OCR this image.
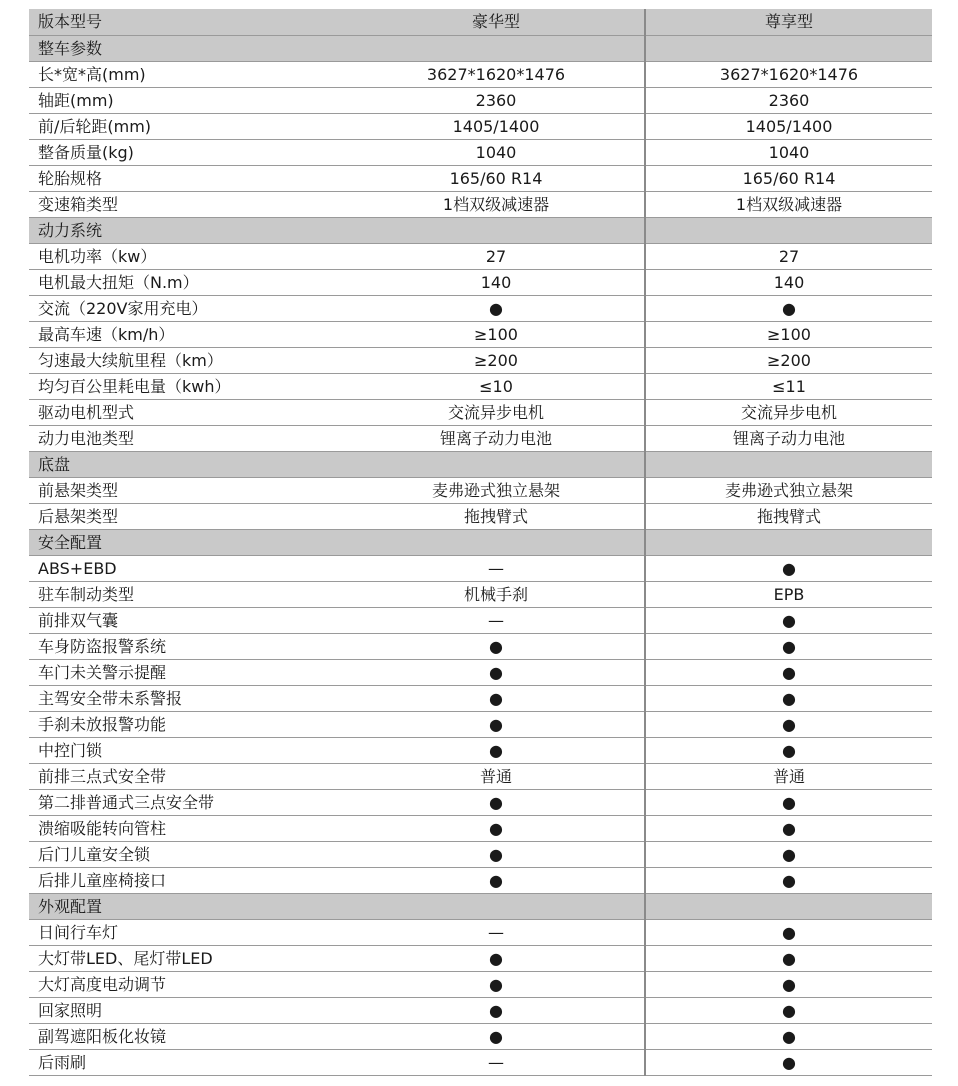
版本型号	豪华型	尊享型
整车参数		
长*宽*高(mm)	3627*1620*1476	3627*1620*1476
轴距(mm)	2360	2360
前/后轮距(mm)	1405/1400	1405/1400
整备质量(kg)	1040	1040
轮胎规格	165/60 R14	165/60 R14
变速箱类型	1档双级减速器	1档双级减速器
动力系统		
电机功率（kw）	27	27
电机最大扭矩（N.m）	140	140
交流（220V家用充电）	●	●
最高车速（km/h）	≥100	≥100
匀速最大续航里程（km）	≥200	≥200
均匀百公里耗电量（kwh）	≤10	≤11
驱动电机型式	交流异步电机	交流异步电机
动力电池类型	锂离子动力电池	锂离子动力电池
底盘		
前悬架类型	麦弗逊式独立悬架	麦弗逊式独立悬架
后悬架类型	拖拽臂式	拖拽臂式
安全配置		
ABS+EBD	—	●
驻车制动类型	机械手刹	EPB
前排双气囊	—	●
车身防盗报警系统	●	●
车门未关警示提醒	●	●
主驾安全带未系警报	●	●
手刹未放报警功能	●	●
中控门锁	●	●
前排三点式安全带	普通	普通
第二排普通式三点安全带	●	●
溃缩吸能转向管柱	●	●
后门儿童安全锁	●	●
后排儿童座椅接口	●	●
外观配置		
日间行车灯	—	●
大灯带LED、尾灯带LED	●	●
大灯高度电动调节	●	●
回家照明	●	●
副驾遮阳板化妆镜	●	●
后雨刷	—	●
